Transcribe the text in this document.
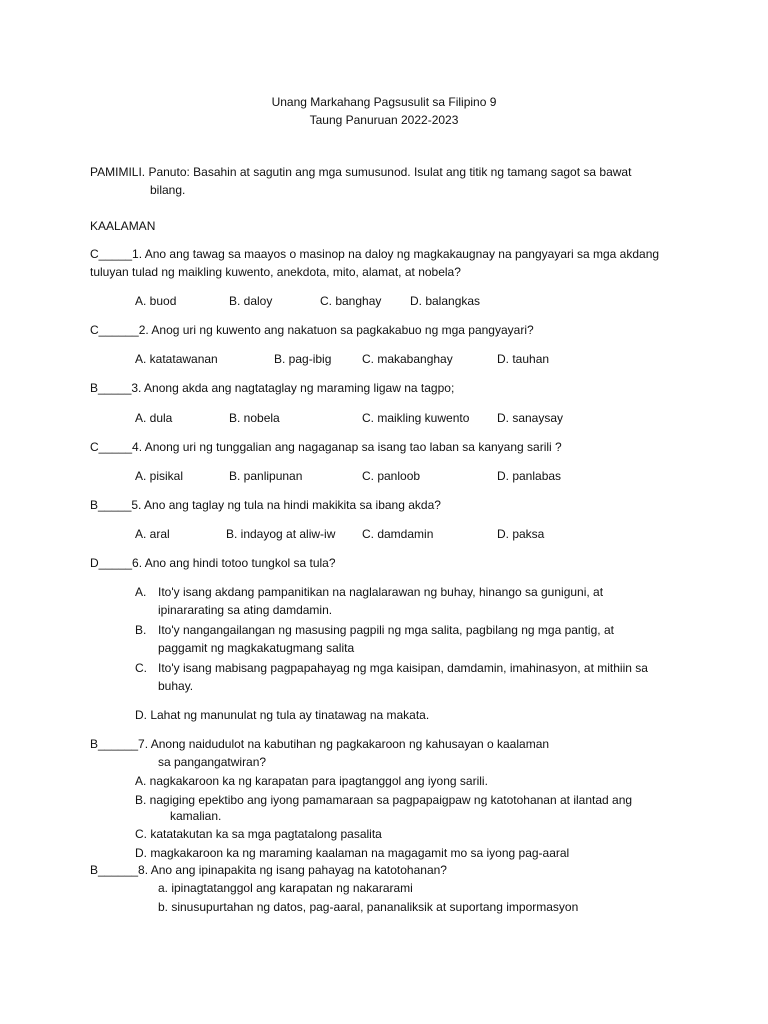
Unang Markahang Pagsusulit sa Filipino 9
Taung Panuruan 2022-2023
PAMIMILI. Panuto: Basahin at sagutin ang mga sumusunod. Isulat ang titik ng tamang sagot sa bawat
bilang.
KAALAMAN
C_____1. Ano ang tawag sa maayos o masinop na daloy ng magkakaugnay na pangyayari sa mga akdang
tuluyan tulad ng maikling kuwento, anekdota, mito, alamat, at nobela?
A. buod	B. daloy	C. banghay D. balangkas
C______2. Anog uri ng kuwento ang nakatuon sa pagkakabuo ng mga pangyayari?
A. katatawanan	B. pag-ibig	C. makabanghay	D. tauhan
B_____3. Anong akda ang nagtataglay ng maraming ligaw na tagpo;
A. dula	B. nobela	C. maikling kuwento D. sanaysay
C_____4. Anong uri ng tunggalian ang nagaganap sa isang tao laban sa kanyang sarili ?
A. pisikal	B. panlipunan	C. panloob	D. panlabas
B_____5. Ano ang taglay ng tula na hindi makikita sa ibang akda?
A. aral	B. indayog at aliw-iw C. damdamin	D. paksa
D_____6. Ano ang hindi totoo tungkol sa tula?
A. Ito'y isang akdang pampanitikan na naglalarawan ng buhay, hinango sa guniguni, at
ipinararating sa ating damdamin.
B. Ito'y nangangailangan ng masusing pagpili ng mga salita, pagbilang ng mga pantig, at
paggamit ng magkakatugmang salita
C. Ito'y isang mabisang pagpapahayag ng mga kaisipan, damdamin, imahinasyon, at mithiin sa
buhay.
D. Lahat ng manunulat ng tula ay tinatawag na makata.
B______7. Anong naidudulot na kabutihan ng pagkakaroon ng kahusayan o kaalaman
sa pangangatwiran?
A. nagkakaroon ka ng karapatan para ipagtanggol ang iyong sarili.
B. nagiging epektibo ang iyong pamamaraan sa pagpapaigpaw ng katotohanan at ilantad ang
kamalian.
C. katatakutan ka sa mga pagtatalong pasalita
D. magkakaroon ka ng maraming kaalaman na magagamit mo sa iyong pag-aaral
B______8. Ano ang ipinapakita ng isang pahayag na katotohanan?
a. ipinagtatanggol ang karapatan ng nakararami
b. sinusupurtahan ng datos, pag-aaral, pananaliksik at suportang impormasyon
